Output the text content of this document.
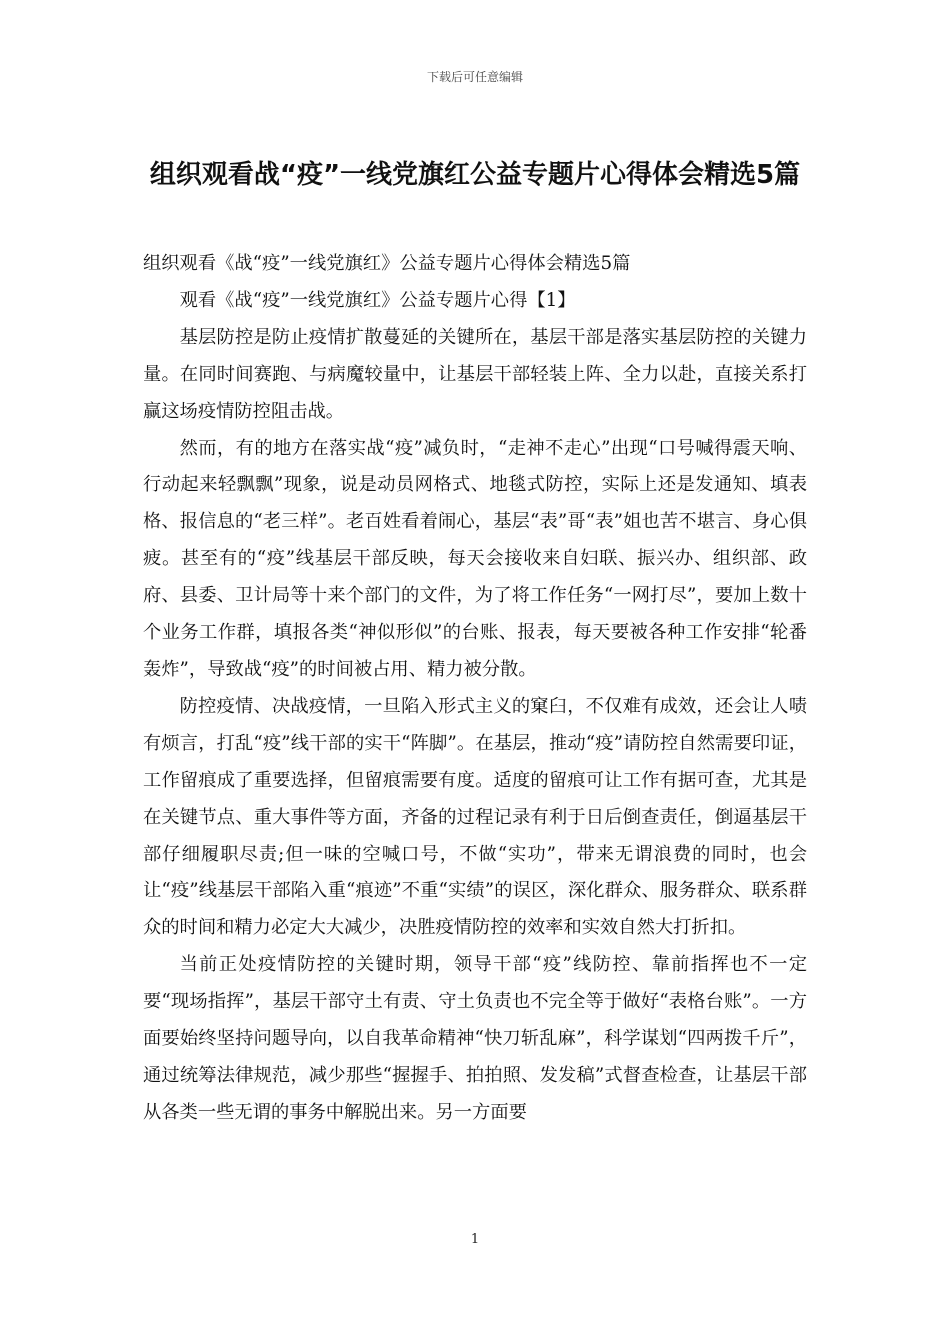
下载后可任意编辑
组织观看战“疫”一线党旗红公益专题片心得体会精选5篇

组织观看《战“疫”一线党旗红》公益专题片心得体会精选5篇

观看《战“疫”一线党旗红》公益专题片心得【1】

基层防控是防止疫情扩散蔓延的关键所在，基层干部是落实基层防控的关键力量。在同时间赛跑、与病魔较量中，让基层干部轻装上阵、全力以赴，直接关系打赢这场疫情防控阻击战。

然而，有的地方在落实战“疫”减负时，“走神不走心”出现“口号喊得震天响、行动起来轻飘飘”现象，说是动员网格式、地毯式防控，实际上还是发通知、填表格、报信息的“老三样”。老百姓看着闹心，基层“表”哥“表”姐也苦不堪言、身心俱疲。甚至有的“疫”线基层干部反映，每天会接收来自妇联、振兴办、组织部、政府、县委、卫计局等十来个部门的文件，为了将工作任务“一网打尽”，要加上数十个业务工作群，填报各类“神似形似”的台账、报表，每天要被各种工作安排“轮番轰炸”，导致战“疫”的时间被占用、精力被分散。

防控疫情、决战疫情，一旦陷入形式主义的窠臼，不仅难有成效，还会让人啧有烦言，打乱“疫”线干部的实干“阵脚”。在基层，推动“疫”请防控自然需要印证，工作留痕成了重要选择，但留痕需要有度。适度的留痕可让工作有据可查，尤其是在关键节点、重大事件等方面，齐备的过程记录有利于日后倒查责任，倒逼基层干部仔细履职尽责;但一味的空喊口号，不做“实功”，带来无谓浪费的同时，也会让“疫”线基层干部陷入重“痕迹”不重“实绩”的误区，深化群众、服务群众、联系群众的时间和精力必定大大减少，决胜疫情防控的效率和实效自然大打折扣。

当前正处疫情防控的关键时期，领导干部“疫”线防控、靠前指挥也不一定要“现场指挥”，基层干部守土有责、守土负责也不完全等于做好“表格台账”。一方面要始终坚持问题导向，以自我革命精神“快刀斩乱麻”，科学谋划“四两拨千斤”，通过统筹法律规范，减少那些“握握手、拍拍照、发发稿”式督查检查，让基层干部从各类一些无谓的事务中解脱出来。另一方面要

1
